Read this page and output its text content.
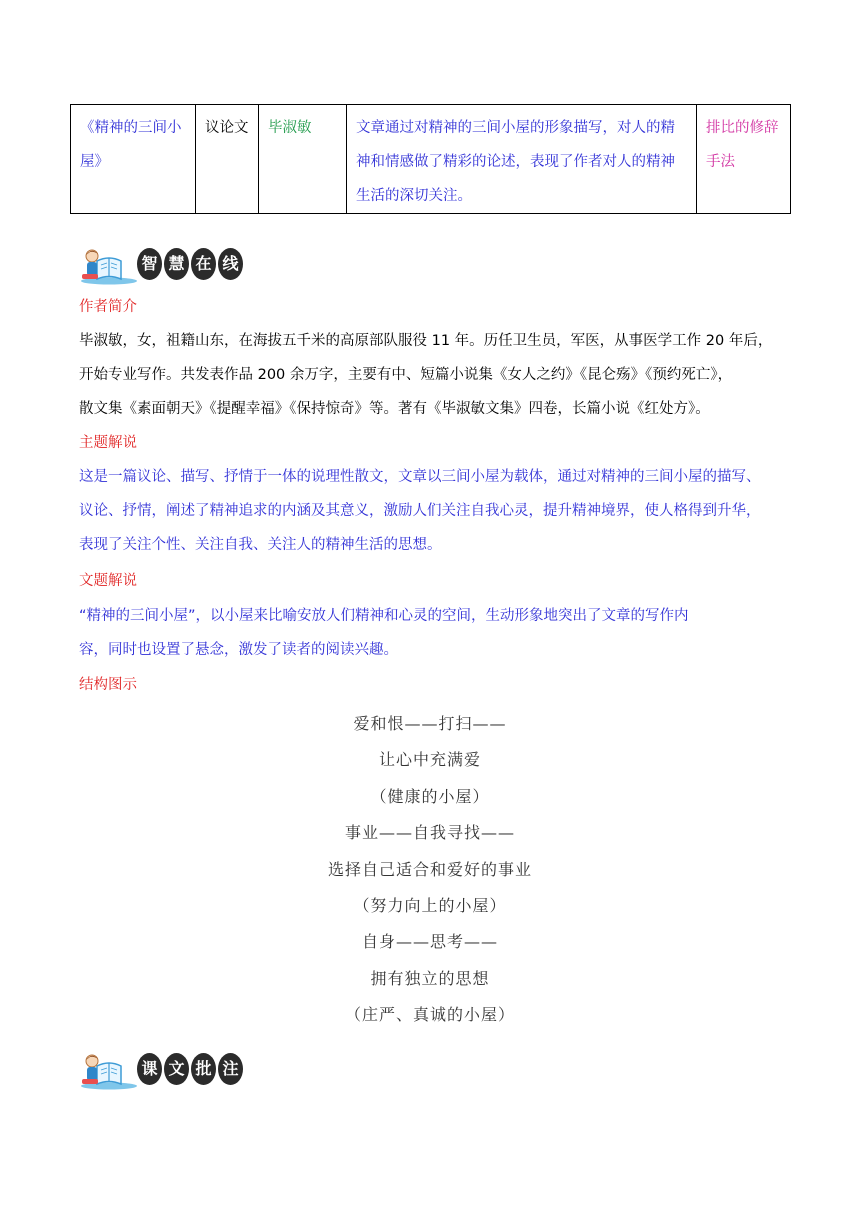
《精神的三间小屋》	议论文	毕淑敏	文章通过对精神的三间小屋的形象描写，对人的精神和情感做了精彩的论述，表现了作者对人的精神生活的深切关注。	排比的修辞手法
智 慧 在 线
作者简介
毕淑敏，女，祖籍山东，在海拔五千米的高原部队服役 11 年。历任卫生员，军医，从事医学工作 20 年后，
开始专业写作。共发表作品 200 余万字，主要有中、短篇小说集《女人之约》《昆仑殇》《预约死亡》，
散文集《素面朝天》《提醒幸福》《保持惊奇》等。著有《毕淑敏文集》四卷，长篇小说《红处方》。
主题解说
这是一篇议论、描写、抒情于一体的说理性散文，文章以三间小屋为载体，通过对精神的三间小屋的描写、
议论、抒情，阐述了精神追求的内涵及其意义，激励人们关注自我心灵，提升精神境界，使人格得到升华，
表现了关注个性、关注自我、关注人的精神生活的思想。
文题解说
“精神的三间小屋”，以小屋来比喻安放人们精神和心灵的空间，生动形象地突出了文章的写作内
容，同时也设置了悬念，激发了读者的阅读兴趣。
结构图示
爱和恨——打扫——
让心中充满爱
（健康的小屋）
事业——自我寻找——
选择自己适合和爱好的事业
（努力向上的小屋）
自身——思考——
拥有独立的思想
（庄严、真诚的小屋）
课 文 批 注
